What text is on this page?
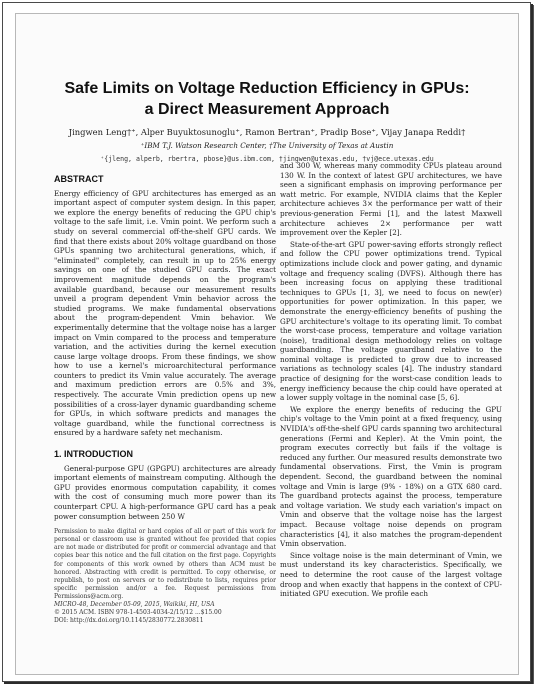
Safe Limits on Voltage Reduction Efficiency in GPUs:
a Direct Measurement Approach
Jingwen Leng†⁺, Alper Buyuktosunoglu⁺, Ramon Bertran⁺, Pradip Bose⁺, Vijay Janapa Reddi†
⁺IBM T.J. Watson Research Center, †The University of Texas at Austin
⁺{jleng, alperb, rbertra, pbose}@us.ibm.com, †jingwen@utexas.edu, †vj@ece.utexas.edu
ABSTRACT
Energy efficiency of GPU architectures has emerged as an important aspect of computer system design. In this paper, we explore the energy benefits of reducing the GPU chip's voltage to the safe limit, i.e. Vmin point. We perform such a study on several commercial off-the-shelf GPU cards. We find that there exists about 20% voltage guardband on those GPUs spanning two architectural generations, which, if "eliminated" completely, can result in up to 25% energy savings on one of the studied GPU cards. The exact improvement magnitude depends on the program's available guardband, because our measurement results unveil a program dependent Vmin behavior across the studied programs. We make fundamental observations about the program-dependent Vmin behavior. We experimentally determine that the voltage noise has a larger impact on Vmin compared to the process and temperature variation, and the activities during the kernel execution cause large voltage droops. From these findings, we show how to use a kernel's microarchitectural performance counters to predict its Vmin value accurately. The average and maximum prediction errors are 0.5% and 3%, respectively. The accurate Vmin prediction opens up new possibilities of a cross-layer dynamic guardbanding scheme for GPUs, in which software predicts and manages the voltage guardband, while the functional correctness is ensured by a hardware safety net mechanism.
1. INTRODUCTION
General-purpose GPU (GPGPU) architectures are already important elements of mainstream computing. Although the GPU provides enormous computation capability, it comes with the cost of consuming much more power than its counterpart CPU. A high-performance GPU card has a peak power consumption between 250 W
Permission to make digital or hard copies of all or part of this work for personal or classroom use is granted without fee provided that copies are not made or distributed for profit or commercial advantage and that copies bear this notice and the full citation on the first page. Copyrights for components of this work owned by others than ACM must be honored. Abstracting with credit is permitted. To copy otherwise, or republish, to post on servers or to redistribute to lists, requires prior specific permission and/or a fee. Request permissions from Permissions@acm.org.
MICRO-48, December 05-09, 2015, Waikiki, HI, USA
© 2015 ACM. ISBN 978-1-4503-4034-2/15/12 ...$15.00
DOI: http://dx.doi.org/10.1145/2830772.2830811
and 300 W, whereas many commodity CPUs plateau around 130 W. In the context of latest GPU architectures, we have seen a significant emphasis on improving performance per watt metric. For example, NVIDIA claims that the Kepler architecture achieves 3× the performance per watt of their previous-generation Fermi [1], and the latest Maxwell architecture achieves 2× performance per watt improvement over the Kepler [2].
State-of-the-art GPU power-saving efforts strongly reflect and follow the CPU power optimizations trend. Typical optimizations include clock and power gating, and dynamic voltage and frequency scaling (DVFS). Although there has been increasing focus on applying these traditional techniques to GPUs [1, 3], we need to focus on new(er) opportunities for power optimization. In this paper, we demonstrate the energy-efficiency benefits of pushing the GPU architecture's voltage to its operating limit. To combat the worst-case process, temperature and voltage variation (noise), traditional design methodology relies on voltage guardbanding. The voltage guardband relative to the nominal voltage is predicted to grow due to increased variations as technology scales [4]. The industry standard practice of designing for the worst-case condition leads to energy inefficiency because the chip could have operated at a lower supply voltage in the nominal case [5, 6].
We explore the energy benefits of reducing the GPU chip's voltage to the Vmin point at a fixed frequency, using NVIDIA's off-the-shelf GPU cards spanning two architectural generations (Fermi and Kepler). At the Vmin point, the program executes correctly but fails if the voltage is reduced any further. Our measured results demonstrate two fundamental observations. First, the Vmin is program dependent. Second, the guardband between the nominal voltage and Vmin is large (9% - 18%) on a GTX 680 card. The guardband protects against the process, temperature and voltage variation. We study each variation's impact on Vmin and observe that the voltage noise has the largest impact. Because voltage noise depends on program characteristics [4], it also matches the program-dependent Vmin observation.
Since voltage noise is the main determinant of Vmin, we must understand its key characteristics. Specifically, we need to determine the root cause of the largest voltage droop and when exactly that happens in the context of CPU-initiated GPU execution. We profile each
